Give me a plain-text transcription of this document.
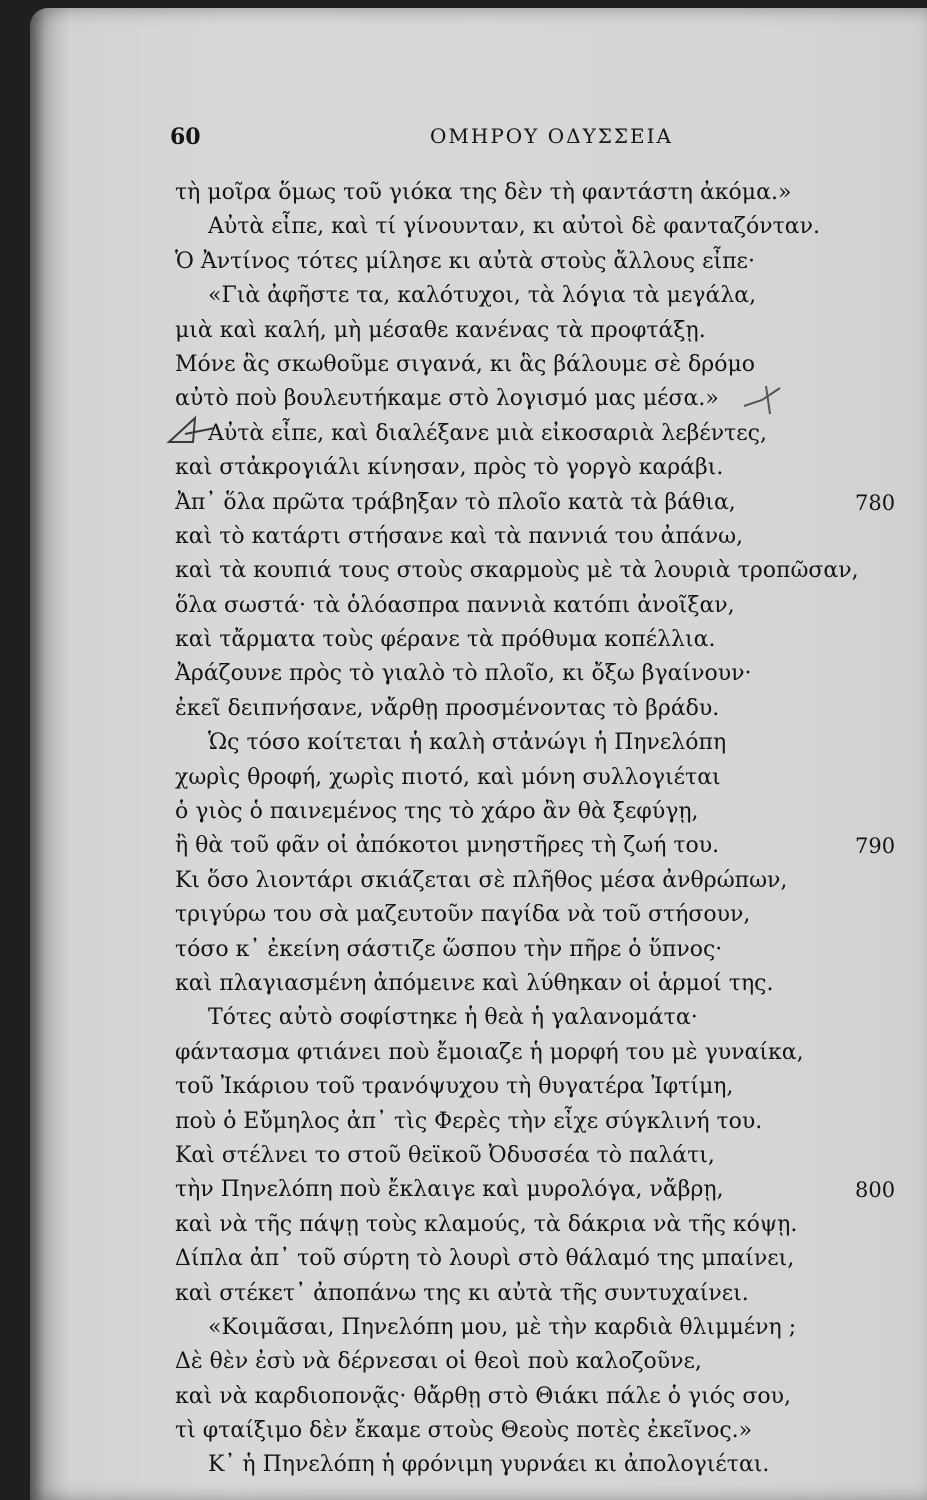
60	ΟΜΗΡΟΥ ΟΔΥΣΣΕΙΑ
τὴ μοῖρα ὅμως τοῦ γιόκα της δὲν τὴ φαντάστη ἀκόμα.»
Αὐτὰ εἶπε, καὶ τί γίνουνταν, κι αὐτοὶ δὲ φανταζόνταν.
Ὁ Ἀντίνος τότες μίλησε κι αὐτὰ στοὺς ἄλλους εἶπε·
«Γιὰ ἀφῆστε τα, καλότυχοι, τὰ λόγια τὰ μεγάλα,
μιὰ καὶ καλή, μὴ μέσαθε κανένας τὰ προφτάξῃ.
Μόνε ἃς σκωθοῦμε σιγανά, κι ἃς βάλουμε σὲ δρόμο
αὐτὸ ποὺ βουλευτήκαμε στὸ λογισμό μας μέσα.»
Αὐτὰ εἶπε, καὶ διαλέξανε μιὰ εἰκοσαριὰ λεβέντες,
καὶ στἀκρογιάλι κίνησαν, πρὸς τὸ γοργὸ καράβι.
Ἀπ᾽ ὅλα πρῶτα τράβηξαν τὸ πλοῖο κατὰ τὰ βάθια,	780
καὶ τὸ κατάρτι στήσανε καὶ τὰ παννιά του ἀπάνω,
καὶ τὰ κουπιά τους στοὺς σκαρμοὺς μὲ τὰ λουριὰ τροπῶσαν,
ὅλα σωστά· τὰ ὁλόασπρα παννιὰ κατόπι ἀνοῖξαν,
καὶ τἄρματα τοὺς φέρανε τὰ πρόθυμα κοπέλλια.
Ἀράζουνε πρὸς τὸ γιαλὸ τὸ πλοῖο, κι ὄξω βγαίνουν·
ἐκεῖ δειπνήσανε, νἄρθῃ προσμένοντας τὸ βράδυ.
Ὡς τόσο κοίτεται ἡ καλὴ στἀνώγι ἡ Πηνελόπη
χωρὶς θροφή, χωρὶς πιοτό, καὶ μόνη συλλογιέται
ὁ γιὸς ὁ παινεμένος της τὸ χάρο ἂν θὰ ξεφύγῃ,
ἢ θὰ τοῦ φᾶν οἱ ἀπόκοτοι μνηστῆρες τὴ ζωή του.	790
Κι ὅσο λιοντάρι σκιάζεται σὲ πλῆθος μέσα ἀνθρώπων,
τριγύρω του σὰ μαζευτοῦν παγίδα νὰ τοῦ στήσουν,
τόσο κ᾽ ἐκείνη σάστιζε ὥσπου τὴν πῆρε ὁ ὕπνος·
καὶ πλαγιασμένη ἀπόμεινε καὶ λύθηκαν οἱ ἁρμοί της.
Τότες αὐτὸ σοφίστηκε ἡ θεὰ ἡ γαλανομάτα·
φάντασμα φτιάνει ποὺ ἔμοιαζε ἡ μορφή του μὲ γυναίκα,
τοῦ Ἰκάριου τοῦ τρανόψυχου τὴ θυγατέρα Ἰφτίμη,
ποὺ ὁ Εὔμηλος ἀπ᾽ τὶς Φερὲς τὴν εἶχε σύγκλινή του.
Καὶ στέλνει το στοῦ θεϊκοῦ Ὀδυσσέα τὸ παλάτι,
τὴν Πηνελόπη ποὺ ἔκλαιγε καὶ μυρολόγα, νἄβρῃ,	800
καὶ νὰ τῆς πάψῃ τοὺς κλαμούς, τὰ δάκρια νὰ τῆς κόψῃ.
Δίπλα ἀπ᾽ τοῦ σύρτη τὸ λουρὶ στὸ θάλαμό της μπαίνει,
καὶ στέκετ᾽ ἀποπάνω της κι αὐτὰ τῆς συντυχαίνει.
«Κοιμᾶσαι, Πηνελόπη μου, μὲ τὴν καρδιὰ θλιμμένη ;
Δὲ θὲν ἐσὺ νὰ δέρνεσαι οἱ θεοὶ ποὺ καλοζοῦνε,
καὶ νὰ καρδιοπονᾷς· θἄρθῃ στὸ Θιάκι πάλε ὁ γιός σου,
τὶ φταίξιμο δὲν ἔκαμε στοὺς Θεοὺς ποτὲς ἐκεῖνος.»
Κ᾽ ἡ Πηνελόπη ἡ φρόνιμη γυρνάει κι ἀπολογιέται.
